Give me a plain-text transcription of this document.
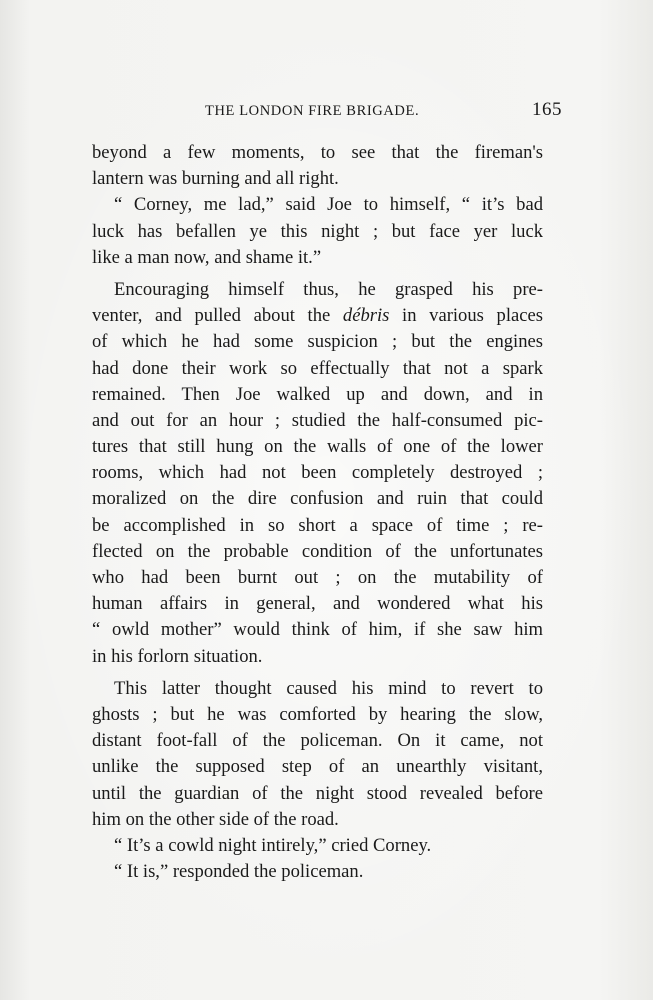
THE LONDON FIRE BRIGADE.	165
beyond a few moments, to see that the fireman's
lantern was burning and all right.
“ Corney, me lad,” said Joe to himself, “ it’s bad
luck has befallen ye this night ; but face yer luck
like a man now, and shame it.”
Encouraging himself thus, he grasped his pre-
venter, and pulled about the débris in various places
of which he had some suspicion ; but the engines
had done their work so effectually that not a spark
remained. Then Joe walked up and down, and in
and out for an hour ; studied the half-consumed pic-
tures that still hung on the walls of one of the lower
rooms, which had not been completely destroyed ;
moralized on the dire confusion and ruin that could
be accomplished in so short a space of time ; re-
flected on the probable condition of the unfortunates
who had been burnt out ; on the mutability of
human affairs in general, and wondered what his
“ owld mother” would think of him, if she saw him
in his forlorn situation.
This latter thought caused his mind to revert to
ghosts ; but he was comforted by hearing the slow,
distant foot-fall of the policeman. On it came, not
unlike the supposed step of an unearthly visitant,
until the guardian of the night stood revealed before
him on the other side of the road.
“ It’s a cowld night intirely,” cried Corney.
“ It is,” responded the policeman.
